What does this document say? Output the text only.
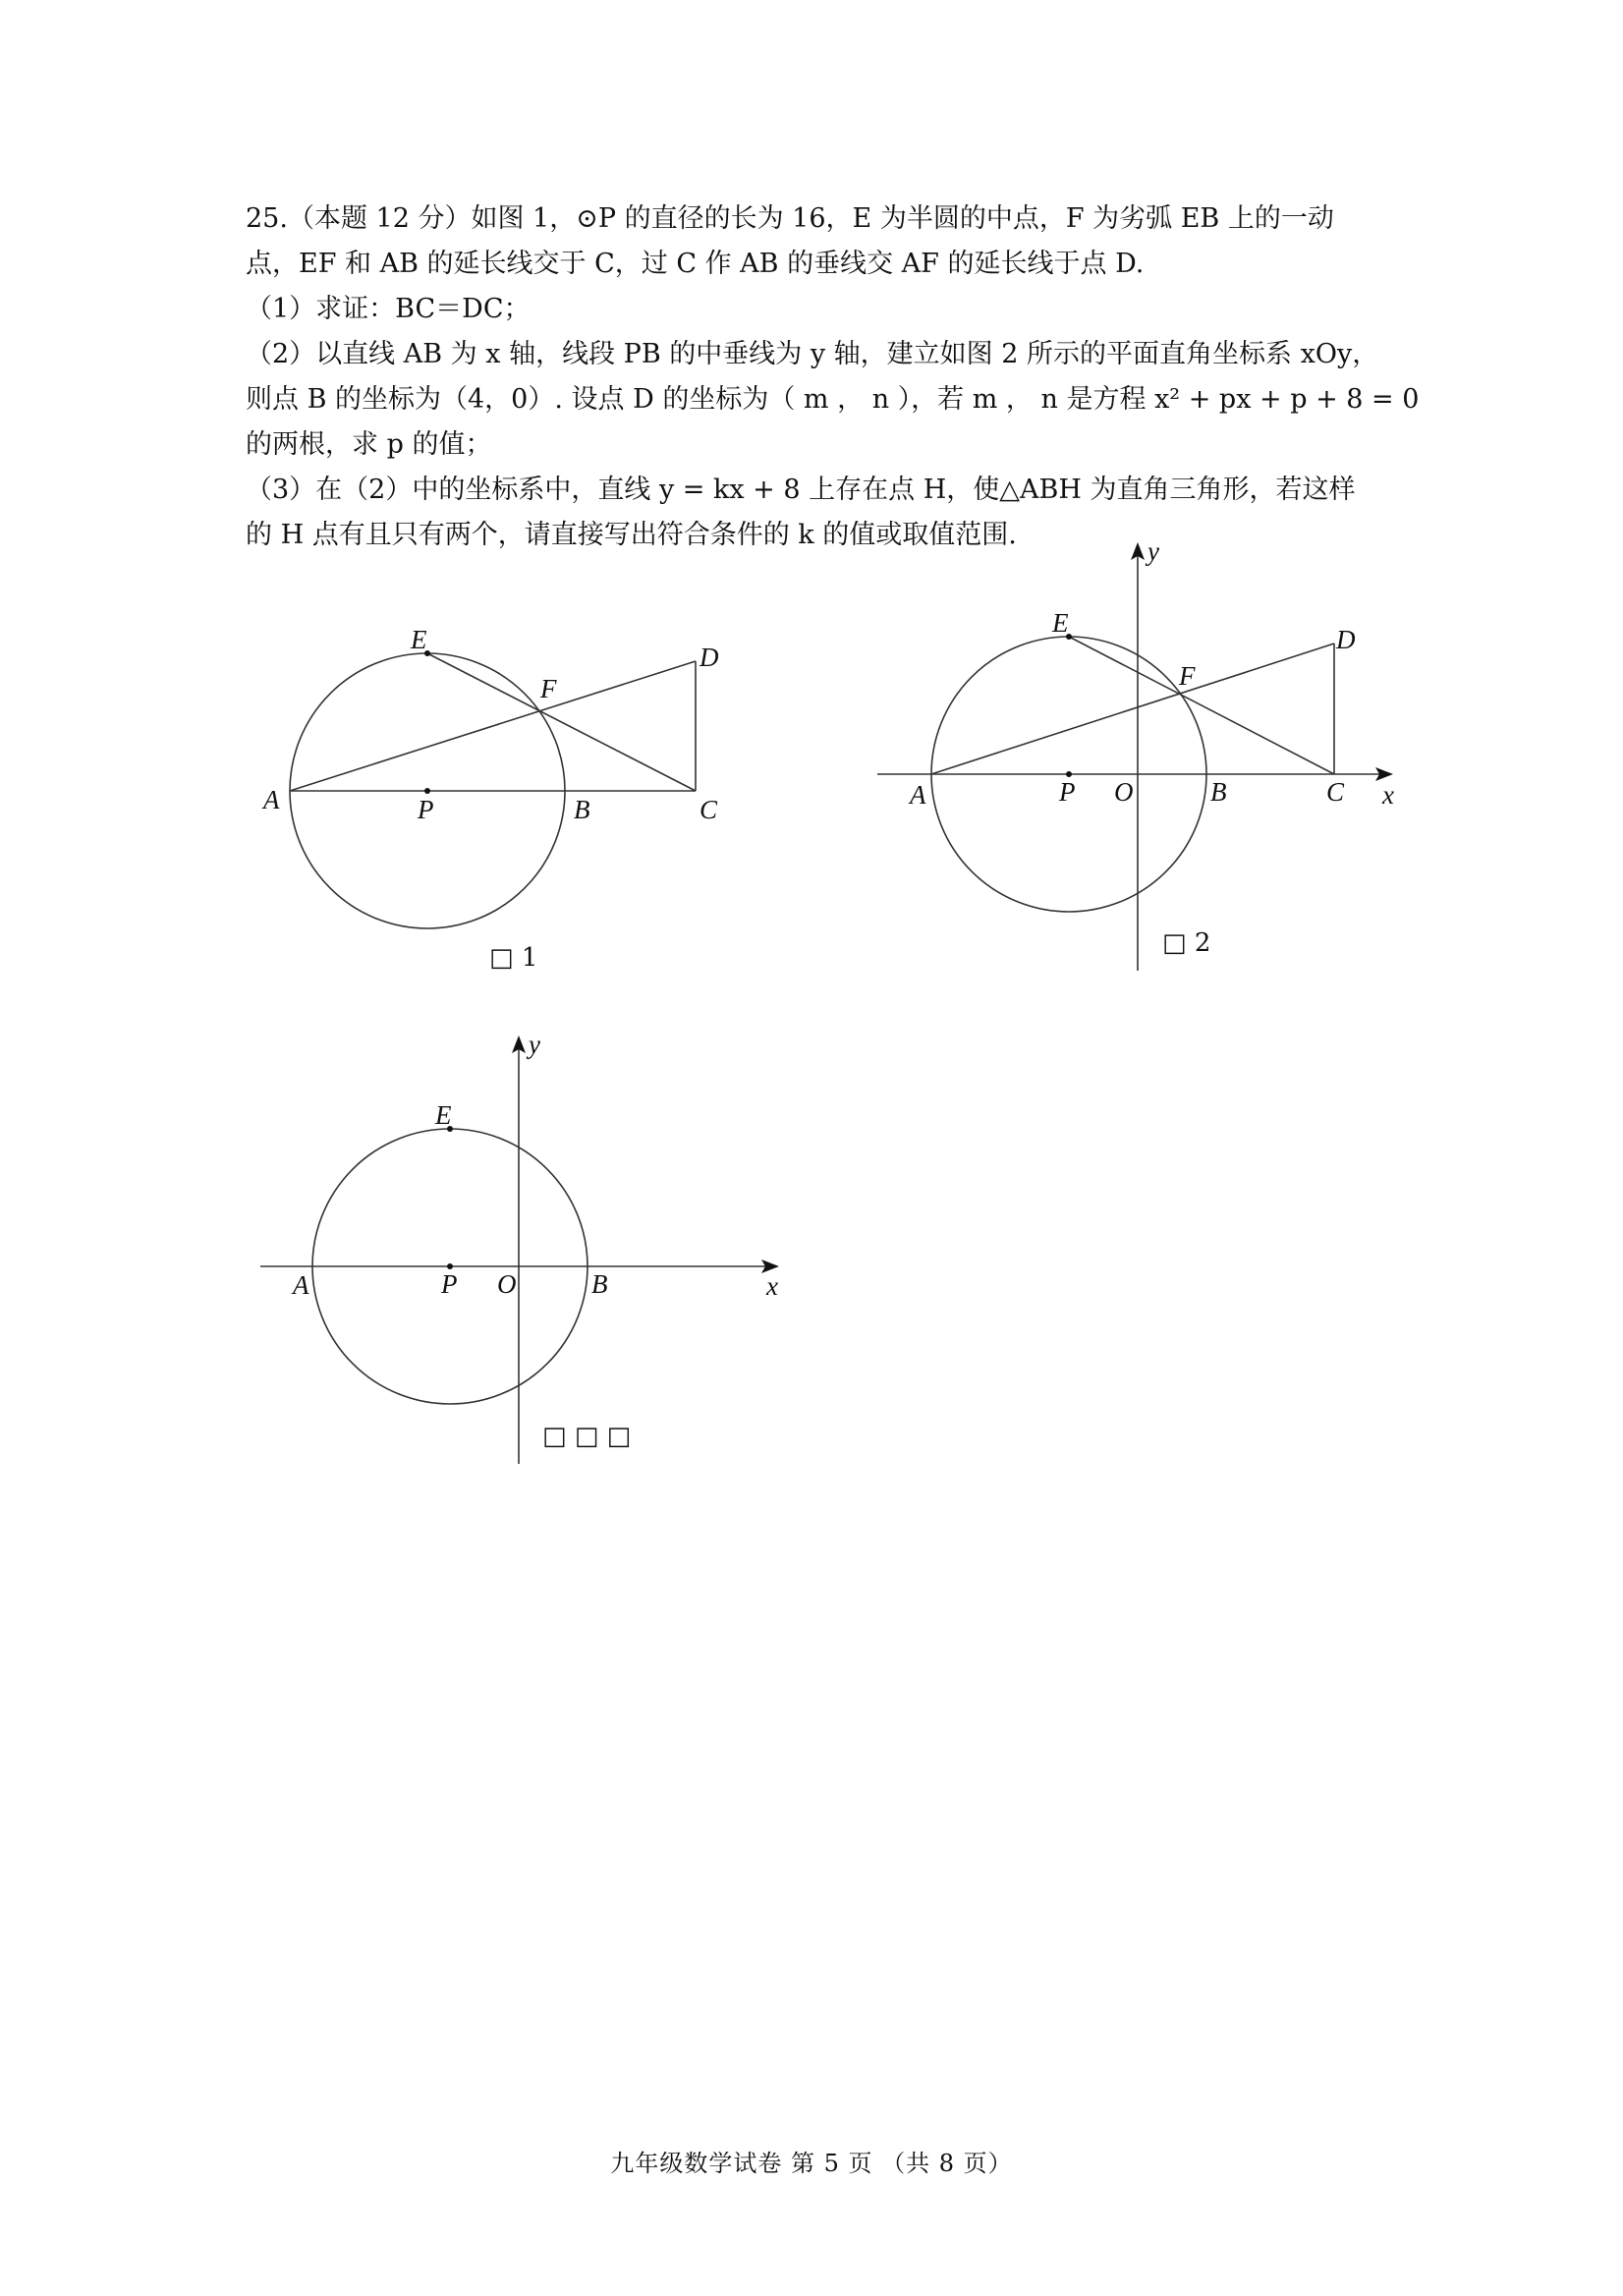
25.（本题 12 分）如图 1，⊙P 的直径的长为 16，E 为半圆的中点，F 为劣弧 EB 上的一动

点，EF 和 AB 的延长线交于 C，过 C 作 AB 的垂线交 AF 的延长线于点 D.

（1）求证：BC＝DC；

（2）以直线 AB 为 x 轴，线段 PB 的中垂线为 y 轴，建立如图 2 所示的平面直角坐标系 xOy，

则点 B 的坐标为（4，0）. 设点 D 的坐标为（ m ， n ），若 m ， n 是方程 x² + px + p + 8 = 0

的两根，求 p 的值；

（3）在（2）中的坐标系中，直线 y = kx + 8 上存在点 H，使△ABH 为直角三角形，若这样

的 H 点有且只有两个，请直接写出符合条件的 k 的值或取值范围.

E
F
D
A	P	B	C
□ 1
y
E
D
F
A	P O	B	C x
□ 2
y
E
A	P O	B	x
□ □ □
九年级数学试卷 第 5 页 （共 8 页）
